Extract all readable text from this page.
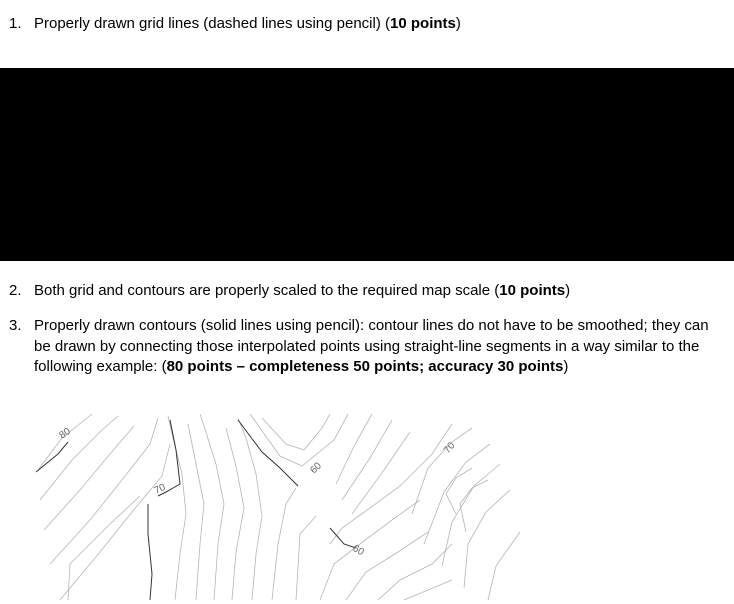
1. Properly drawn grid lines (dashed lines using pencil) (10 points)
2. Both grid and contours are properly scaled to the required map scale (10 points)
3. Properly drawn contours (solid lines using pencil): contour lines do not have to be smoothed; they can be drawn by connecting those interpolated points using straight-line segments in a way similar to the following example: (80 points – completeness 50 points; accuracy 30 points)
80
70
60
70
60
